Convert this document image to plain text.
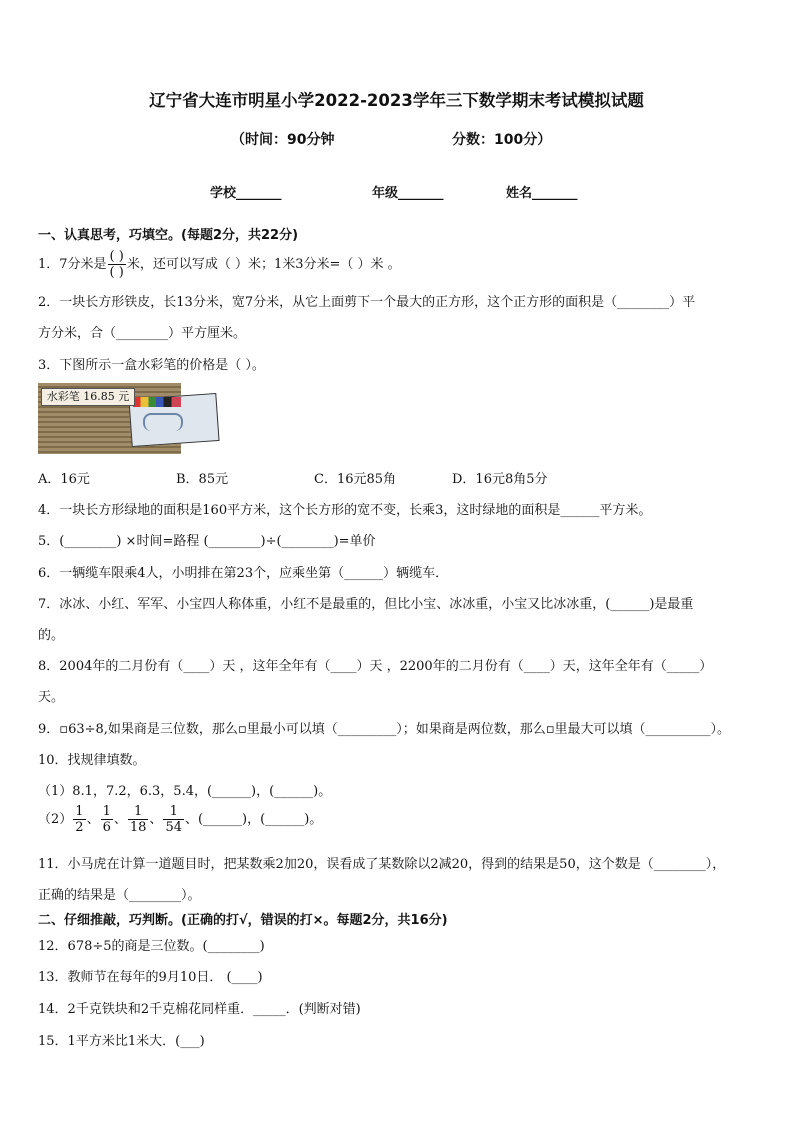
辽宁省大连市明星小学2022-2023学年三下数学期末考试模拟试题
（时间：90分钟	分数：100分）
学校_______	年级_______	姓名_______
一、认真思考，巧填空。(每题2分，共22分)
1．7分米是 $\frac{( )}{( )}$ 米，还可以写成（ ）米；1米3分米=（ ）米 。
2．一块长方形铁皮，长13分米，宽7分米，从它上面剪下一个最大的正方形，这个正方形的面积是（________）平
方分米，合（________）平方厘米。
3．下图所示一盒水彩笔的价格是（ ）。
水彩笔 16.85 元
A．16元	B．85元	C．16元85角	D．16元8角5分
4．一块长方形绿地的面积是160平方米，这个长方形的宽不变，长乘3，这时绿地的面积是______平方米。
5．(________) ×时间=路程 (________)÷(________)=单价
6．一辆缆车限乘4人，小明排在第23个，应乘坐第（______）辆缆车．
7．冰冰、小红、军军、小宝四人称体重，小红不是最重的，但比小宝、冰冰重，小宝又比冰冰重，(______)是最重
的。
8．2004年的二月份有（____）天 ，这年全年有（____）天 ，2200年的二月份有（____）天，这年全年有（_____）
天。
9．▫63÷8,如果商是三位数，那么▫里最小可以填（_________）；如果商是两位数，那么▫里最大可以填（__________）。
10．找规律填数。
（1）8.1，7.2，6.3，5.4，(______)，(______)。
$(2) \frac{1}{2}$ 、 $\frac{1}{6}$ 、 $\frac{1}{18}$ 、 $\frac{1}{54}$ 、(______)，(______)。
11．小马虎在计算一道题目时，把某数乘2加20，误看成了某数除以2减20，得到的结果是50，这个数是（________），
正确的结果是（________）。
二、仔细推敲，巧判断。(正确的打√，错误的打×。每题2分，共16分)
12．678÷5的商是三位数。(________)
13．教师节在每年的9月10日． (____)
14．2千克铁块和2千克棉花同样重．_____．(判断对错)
15．1平方米比1米大．(___)
